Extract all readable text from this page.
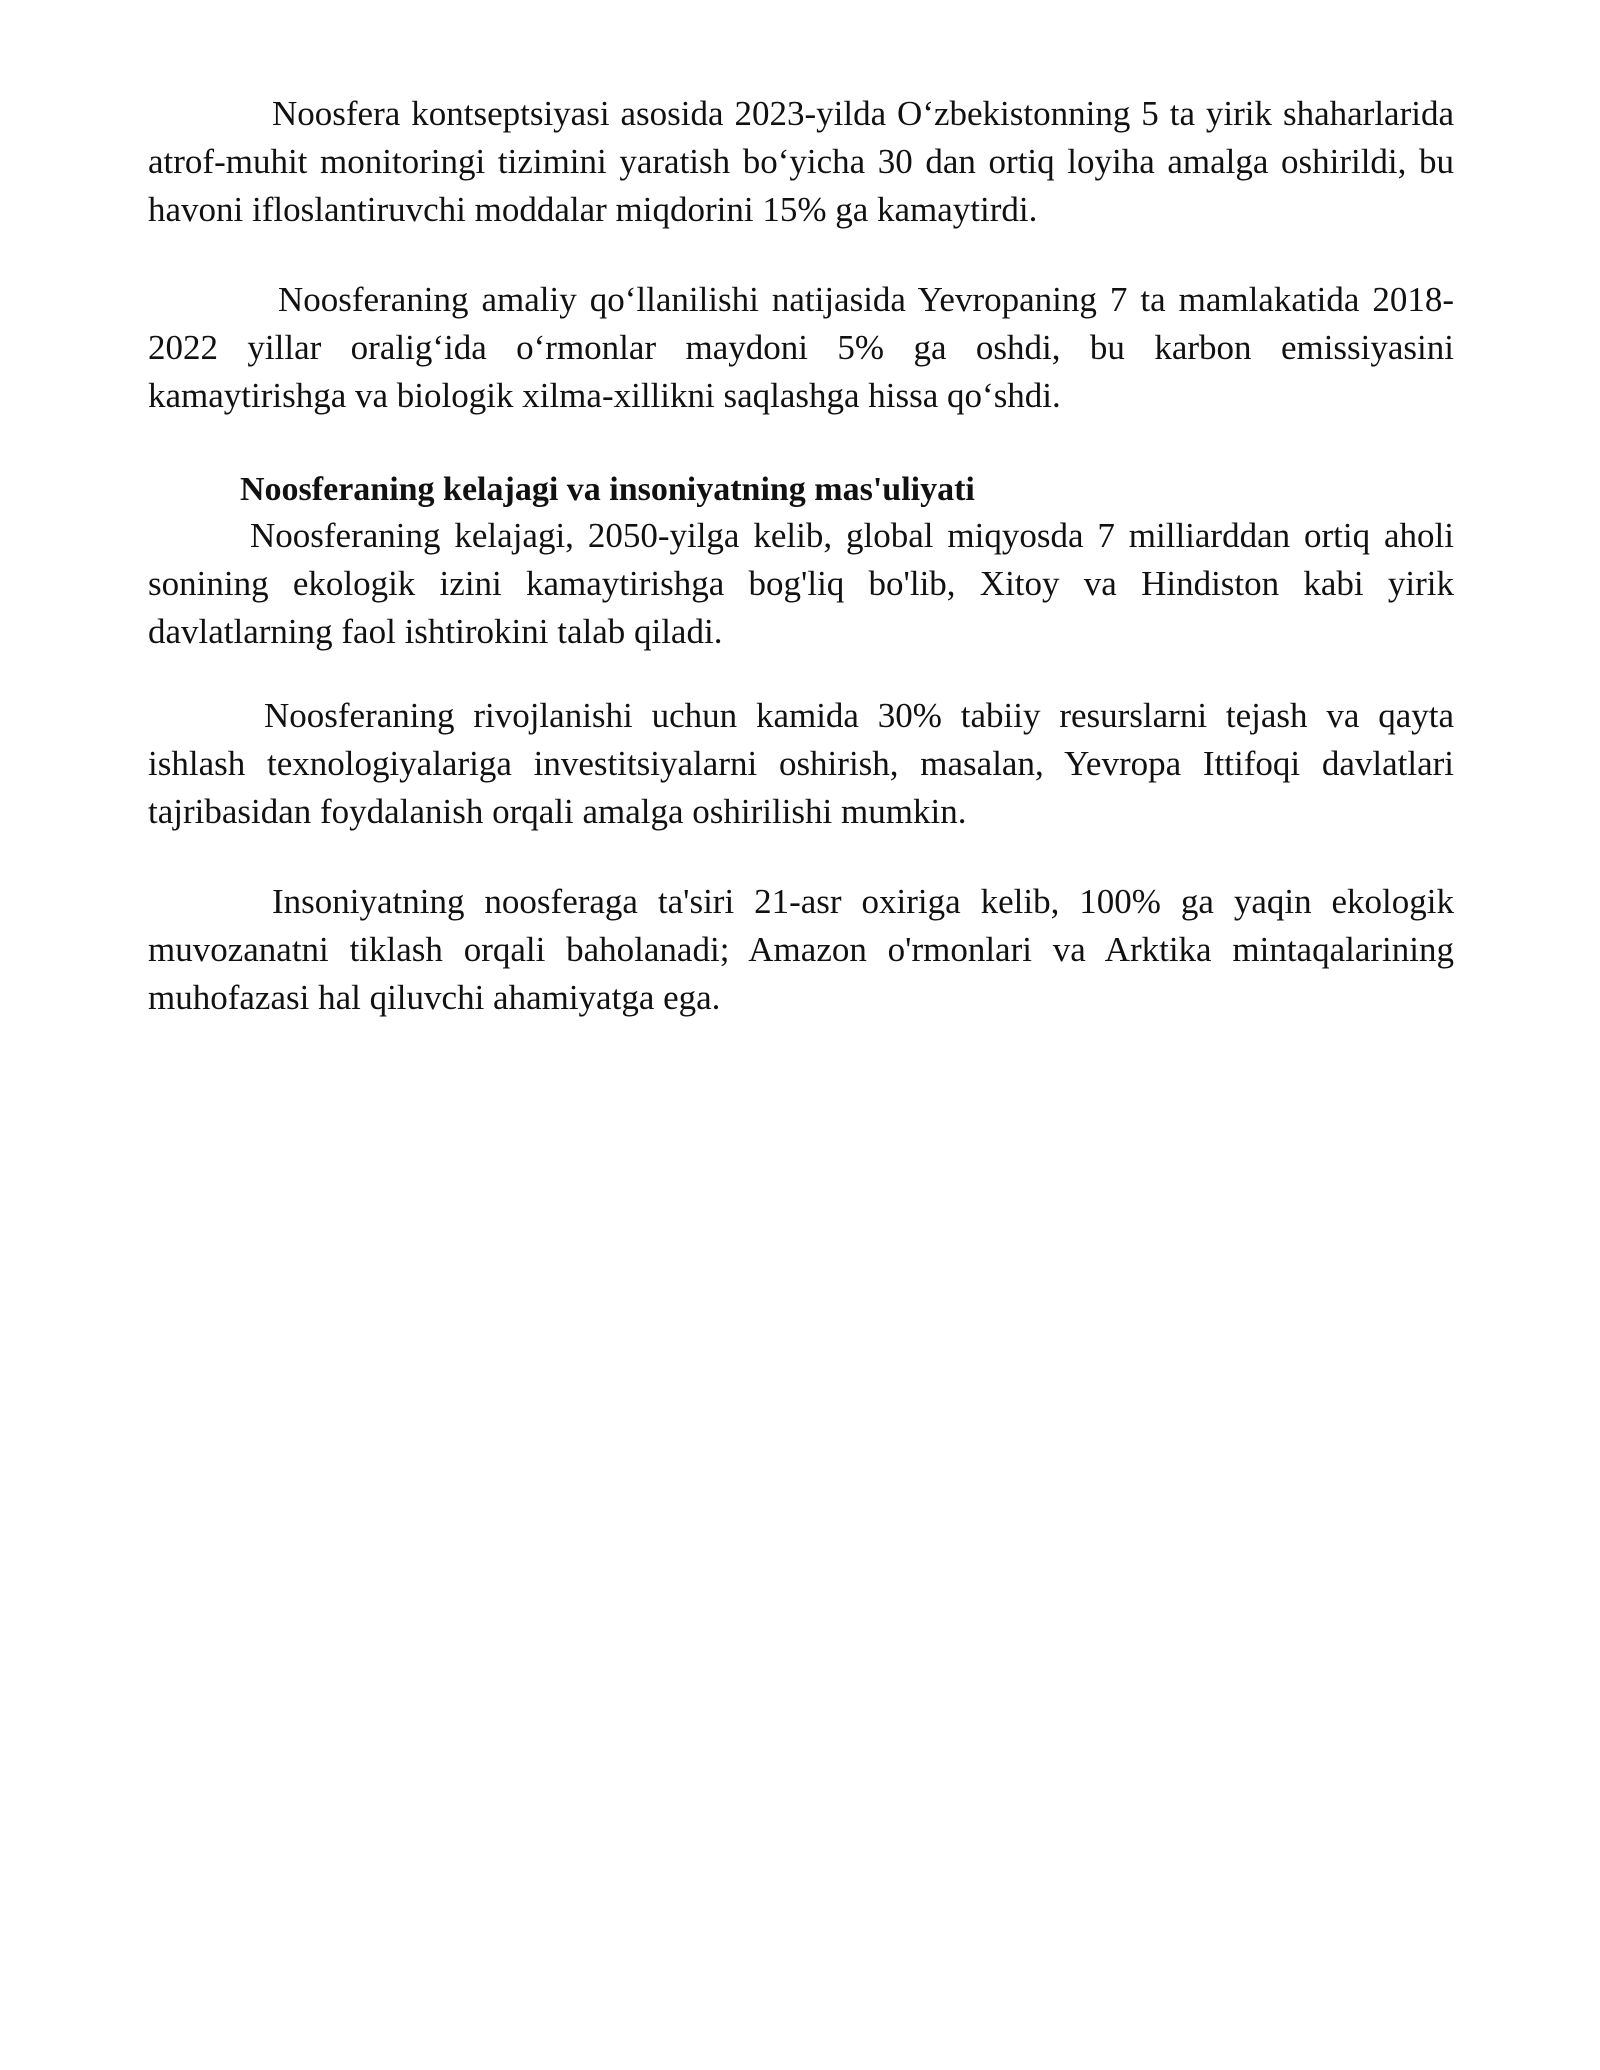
Noosfera kontseptsiyasi asosida 2023-yilda O‘zbekistonning 5 ta yirik shaharlarida atrof-muhit monitoringi tizimini yaratish bo‘yicha 30 dan ortiq loyiha amalga oshirildi, bu havoni ifloslantiruvchi moddalar miqdorini 15% ga kamaytirdi.

Noosferaning amaliy qo‘llanilishi natijasida Yevropaning 7 ta mamlakatida 2018-2022 yillar oralig‘ida o‘rmonlar maydoni 5% ga oshdi, bu karbon emissiyasini kamaytirishga va biologik xilma-xillikni saqlashga hissa qo‘shdi.

Noosferaning kelajagi va insoniyatning mas'uliyati

Noosferaning kelajagi, 2050-yilga kelib, global miqyosda 7 milliarddan ortiq aholi sonining ekologik izini kamaytirishga bog'liq bo'lib, Xitoy va Hindiston kabi yirik davlatlarning faol ishtirokini talab qiladi.

Noosferaning rivojlanishi uchun kamida 30% tabiiy resurslarni tejash va qayta ishlash texnologiyalariga investitsiyalarni oshirish, masalan, Yevropa Ittifoqi davlatlari tajribasidan foydalanish orqali amalga oshirilishi mumkin.

Insoniyatning noosferaga ta'siri 21-asr oxiriga kelib, 100% ga yaqin ekologik muvozanatni tiklash orqali baholanadi; Amazon o'rmonlari va Arktika mintaqalarining muhofazasi hal qiluvchi ahamiyatga ega.
